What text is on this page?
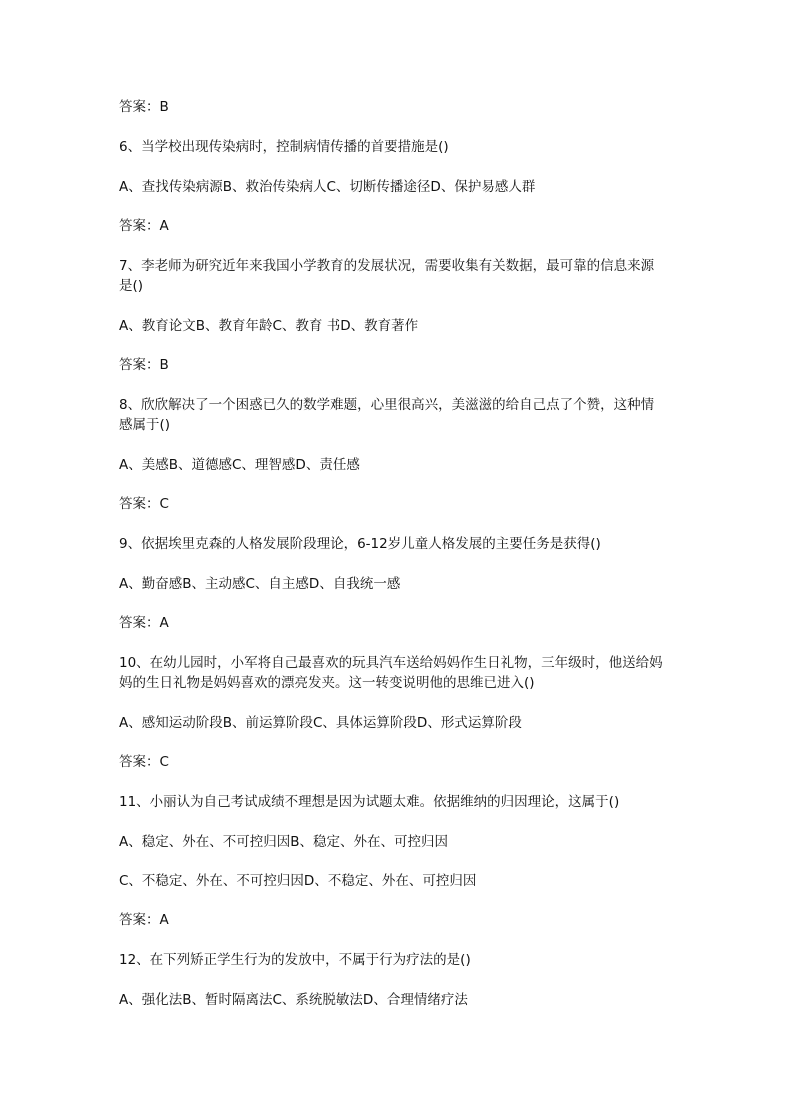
答案：B
6、当学校出现传染病时，控制病情传播的首要措施是()
A、查找传染病源B、救治传染病人C、切断传播途径D、保护易感人群
答案：A
7、李老师为研究近年来我国小学教育的发展状况，需要收集有关数据，最可靠的信息来源是()
A、教育论文B、教育年龄C、教育 书D、教育著作
答案：B
8、欣欣解决了一个困惑已久的数学难题，心里很高兴，美滋滋的给自己点了个赞，这种情感属于()
A、美感B、道德感C、理智感D、责任感
答案：C
9、依据埃里克森的人格发展阶段理论，6-12岁儿童人格发展的主要任务是获得()
A、勤奋感B、主动感C、自主感D、自我统一感
答案：A
10、在幼儿园时，小军将自己最喜欢的玩具汽车送给妈妈作生日礼物，三年级时，他送给妈妈的生日礼物是妈妈喜欢的漂亮发夹。这一转变说明他的思维已进入()
A、感知运动阶段B、前运算阶段C、具体运算阶段D、形式运算阶段
答案：C
11、小丽认为自己考试成绩不理想是因为试题太难。依据维纳的归因理论，这属于()
A、稳定、外在、不可控归因B、稳定、外在、可控归因
C、不稳定、外在、不可控归因D、不稳定、外在、可控归因
答案：A
12、在下列矫正学生行为的发放中，不属于行为疗法的是()
A、强化法B、暂时隔离法C、系统脱敏法D、合理情绪疗法
